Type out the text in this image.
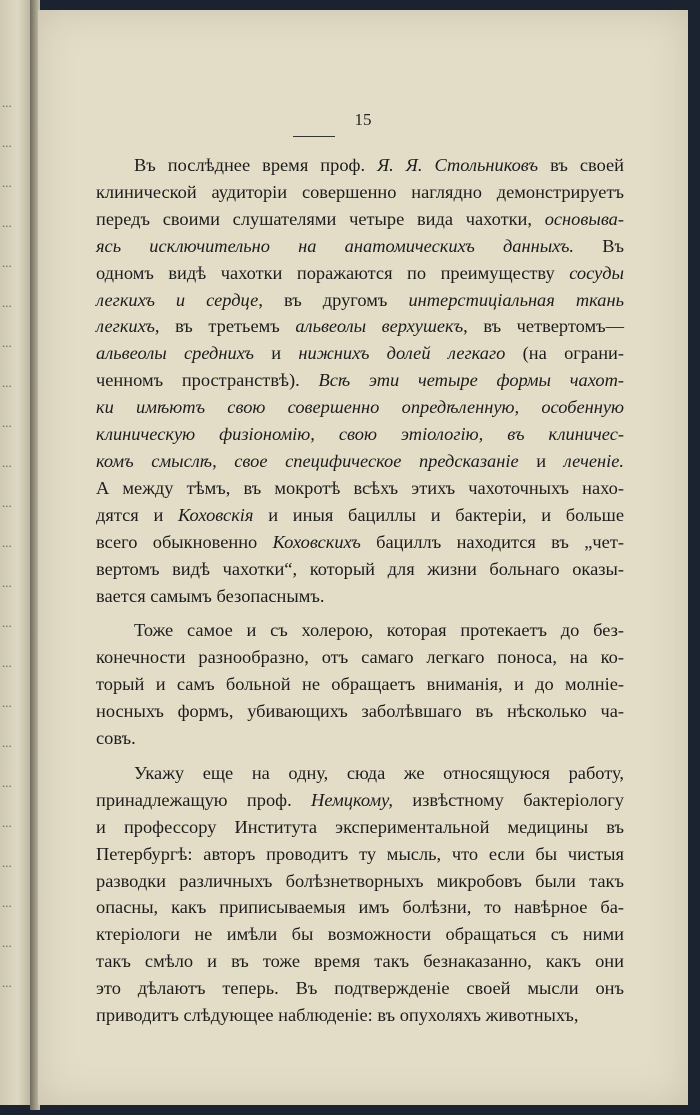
...
...
...
...
...
...
...
...
...
...
...
...
...
...
...
...
...
...
...
...
...
...
...
15

Въ послѣднее время проф. Я. Я. Стольниковъ въ своей
клинической аудиторіи совершенно наглядно демонстрируетъ
передъ своими слушателями четыре вида чахотки, основыва-
ясь исключительно на анатомическихъ данныхъ. Въ
одномъ видѣ чахотки поражаются по преимуществу сосуды
легкихъ и сердце, въ другомъ интерстиціальная ткань
легкихъ, въ третьемъ альвеолы верхушекъ, въ четвертомъ—
альвеолы среднихъ и нижнихъ долей легкаго (на ограни-
ченномъ пространствѣ). Всѣ эти четыре формы чахот-
ки имѣютъ свою совершенно опредѣленную, особенную
клиническую физіономію, свою этіологію, въ клиничес-
комъ смыслѣ, свое специфическое предсказаніе и леченіе.
А между тѣмъ, въ мокротѣ всѣхъ этихъ чахоточныхъ нахо-
дятся и Коховскія и иныя бациллы и бактеріи, и больше
всего обыкновенно Коховскихъ бациллъ находится въ „чет-
вертомъ видѣ чахотки“, который для жизни больнаго оказы-
вается самымъ безопаснымъ.

Тоже самое и съ холерою, которая протекаетъ до без-
конечности разнообразно, отъ самаго легкаго поноса, на ко-
торый и самъ больной не обращаетъ вниманія, и до молніе-
носныхъ формъ, убивающихъ заболѣвшаго въ нѣсколько ча-
совъ.

Укажу еще на одну, сюда же относящуюся работу,
принадлежащую проф. Немцкому, извѣстному бактеріологу
и профессору Института экспериментальной медицины въ
Петербургѣ: авторъ проводитъ ту мысль, что если бы чистыя
разводки различныхъ болѣзнетворныхъ микробовъ были такъ
опасны, какъ приписываемыя имъ болѣзни, то навѣрное ба-
ктеріологи не имѣли бы возможности обращаться съ ними
такъ смѣло и въ тоже время такъ безнаказанно, какъ они
это дѣлаютъ теперь. Въ подтвержденіе своей мысли онъ
приводитъ слѣдующее наблюденіе: въ опухоляхъ животныхъ,
